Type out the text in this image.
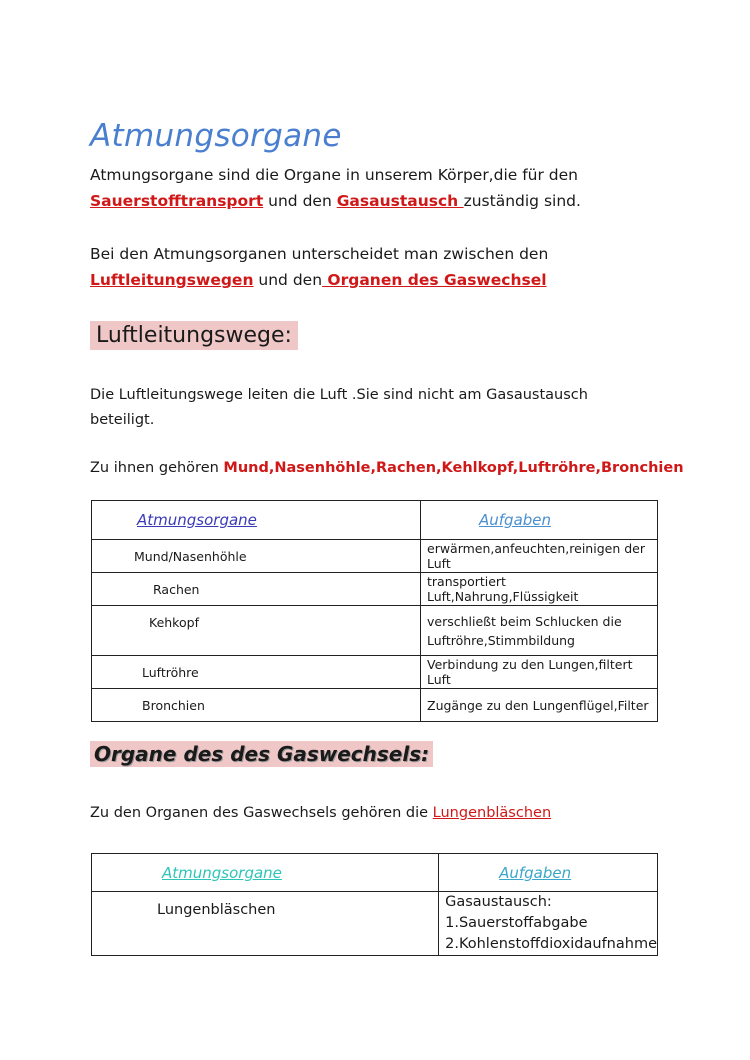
Atmungsorgane
Atmungsorgane sind die Organe in unserem Körper,die für den
Sauerstofftransport und den Gasaustausch zuständig sind.
Bei den Atmungsorganen unterscheidet man zwischen den
Luftleitungswegen und den Organen des Gaswechsel
Luftleitungswege:
Die Luftleitungswege leiten die Luft .Sie sind nicht am Gasaustausch
beteiligt.
Zu ihnen gehören Mund,Nasenhöhle,Rachen,Kehlkopf,Luftröhre,Bronchien
Atmungsorgane	Aufgaben
Mund/Nasenhöhle	erwärmen,anfeuchten,reinigen der Luft
Rachen	transportiert Luft,Nahrung,Flüssigkeit
Kehkopf	verschließt beim Schlucken die Luftröhre,Stimmbildung
Luftröhre	Verbindung zu den Lungen,filtert Luft
Bronchien	Zugänge zu den Lungenflügel,Filter
Organe des des Gaswechsels:
Zu den Organen des Gaswechsels gehören die Lungenbläschen
Atmungsorgane	Aufgaben
Lungenbläschen	Gasaustausch: 1.Sauerstoffabgabe
2.Kohlenstoffdioxidaufnahme
